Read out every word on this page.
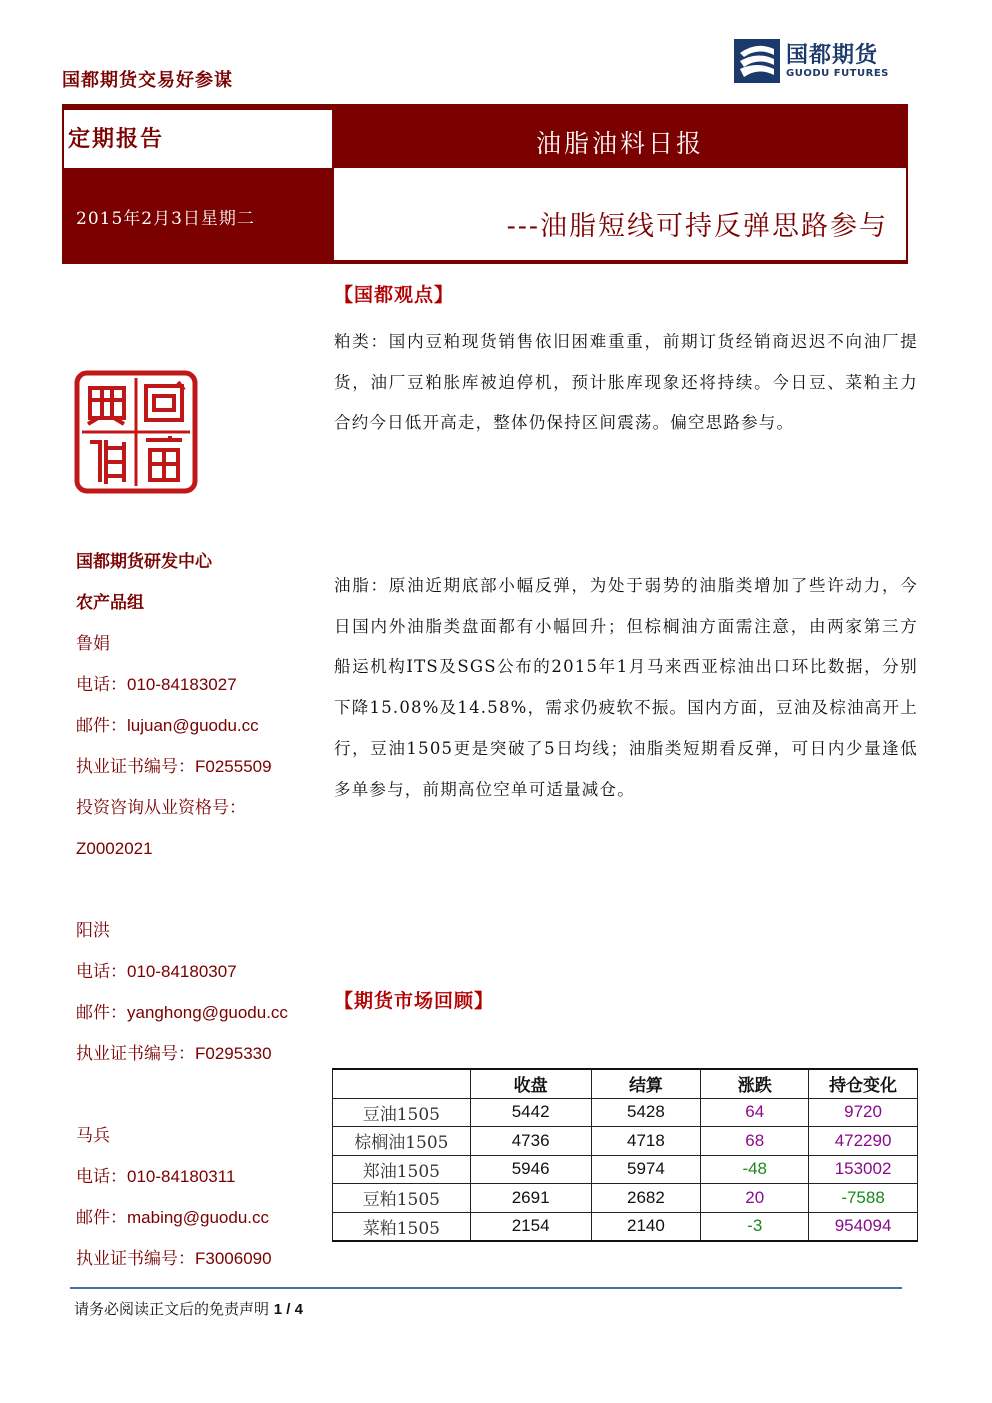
国都期货交易好参谋
国都期货
GUODU FUTURES
定期报告	油脂油料日报
2015年2月3日星期二	---油脂短线可持反弹思路参与
国都期货研发中心
农产品组
鲁娟
电话：010-84183027
邮件：lujuan@guodu.cc
执业证书编号：F0255509
投资咨询从业资格号：
Z0002021
阳洪
电话：010-84180307
邮件：yanghong@guodu.cc
执业证书编号：F0295330
马兵
电话：010-84180311
邮件：mabing@guodu.cc
执业证书编号：F3006090
【国都观点】
粕类：国内豆粕现货销售依旧困难重重，前期订货经销商迟迟不向油厂提货，油厂豆粕胀库被迫停机，预计胀库现象还将持续。今日豆、菜粕主力合约今日低开高走，整体仍保持区间震荡。偏空思路参与。
油脂：原油近期底部小幅反弹，为处于弱势的油脂类增加了些许动力，今日国内外油脂类盘面都有小幅回升；但棕榈油方面需注意，由两家第三方船运机构ITS及SGS公布的2015年1月马来西亚棕油出口环比数据，分别下降15.08%及14.58%，需求仍疲软不振。国内方面，豆油及棕油高开上行，豆油1505更是突破了5日均线；油脂类短期看反弹，可日内少量逢低多单参与，前期高位空单可适量减仓。
【期货市场回顾】
	收盘	结算	涨跌	持仓变化
豆油1505	5442	5428	64	9720
棕榈油1505	4736	4718	68	472290
郑油1505	5946	5974	-48	153002
豆粕1505	2691	2682	20	-7588
菜粕1505	2154	2140	-3	954094
请务必阅读正文后的免责声明 1 / 4
